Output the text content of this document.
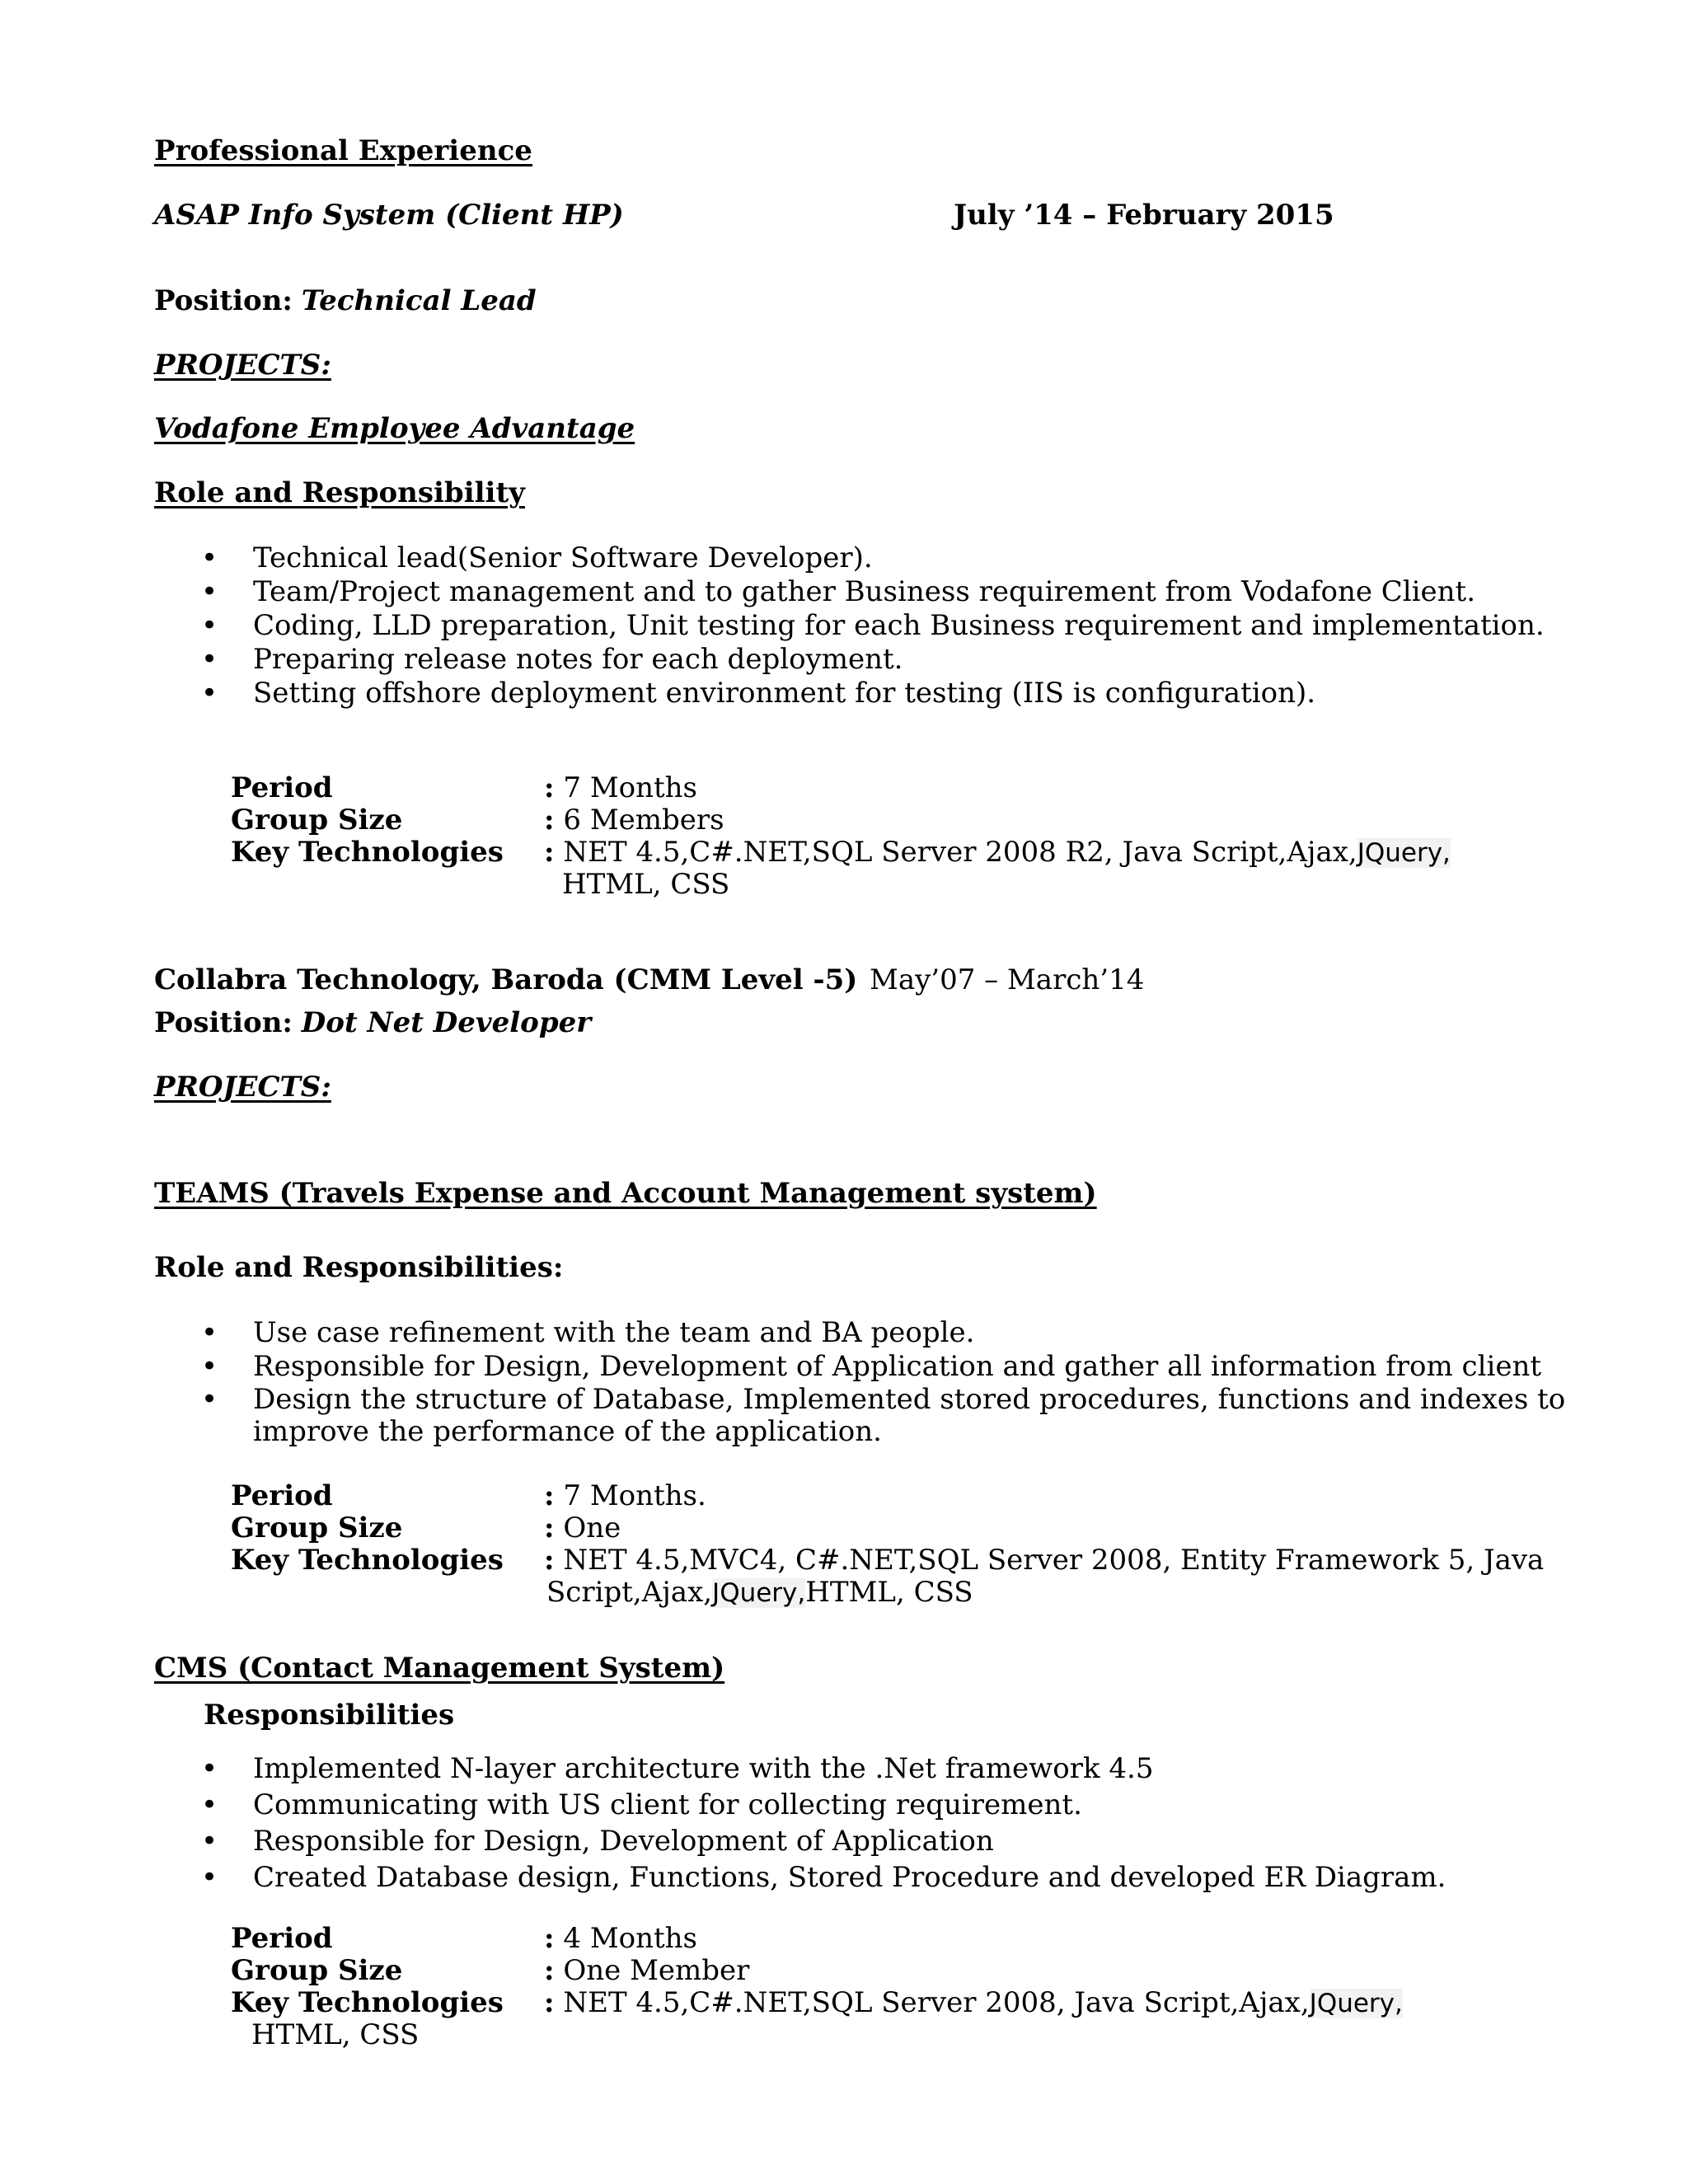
Professional Experience
ASAP Info System (Client HP)	July ’14 – February 2015
Position: Technical Lead
PROJECTS:
Vodafone Employee Advantage
Role and Responsibility
• Technical lead(Senior Software Developer).
• Team/Project management and to gather Business requirement from Vodafone Client.
• Coding, LLD preparation, Unit testing for each Business requirement and implementation.
• Preparing release notes for each deployment.
• Setting offshore deployment environment for testing (IIS is configuration).
Period	: 7 Months
Group Size	: 6 Members
Key Technologies : NET 4.5,C#.NET,SQL Server 2008 R2, Java Script,Ajax,JQuery,
HTML, CSS
Collabra Technology, Baroda (CMM Level -5) May’07 – March’14
Position: Dot Net Developer
PROJECTS:
TEAMS (Travels Expense and Account Management system)
Role and Responsibilities:
• Use case refinement with the team and BA people.
• Responsible for Design, Development of Application and gather all information from client
• Design the structure of Database, Implemented stored procedures, functions and indexes to improve the performance of the application.
Period	: 7 Months.
Group Size	: One
Key Technologies : NET 4.5,MVC4, C#.NET,SQL Server 2008, Entity Framework 5, Java
Script,Ajax,JQuery,HTML, CSS
CMS (Contact Management System)
Responsibilities
• Implemented N-layer architecture with the .Net framework 4.5
• Communicating with US client for collecting requirement.
• Responsible for Design, Development of Application
• Created Database design, Functions, Stored Procedure and developed ER Diagram.
Period	: 4 Months
Group Size	: One Member
Key Technologies : NET 4.5,C#.NET,SQL Server 2008, Java Script,Ajax,JQuery,
HTML, CSS
